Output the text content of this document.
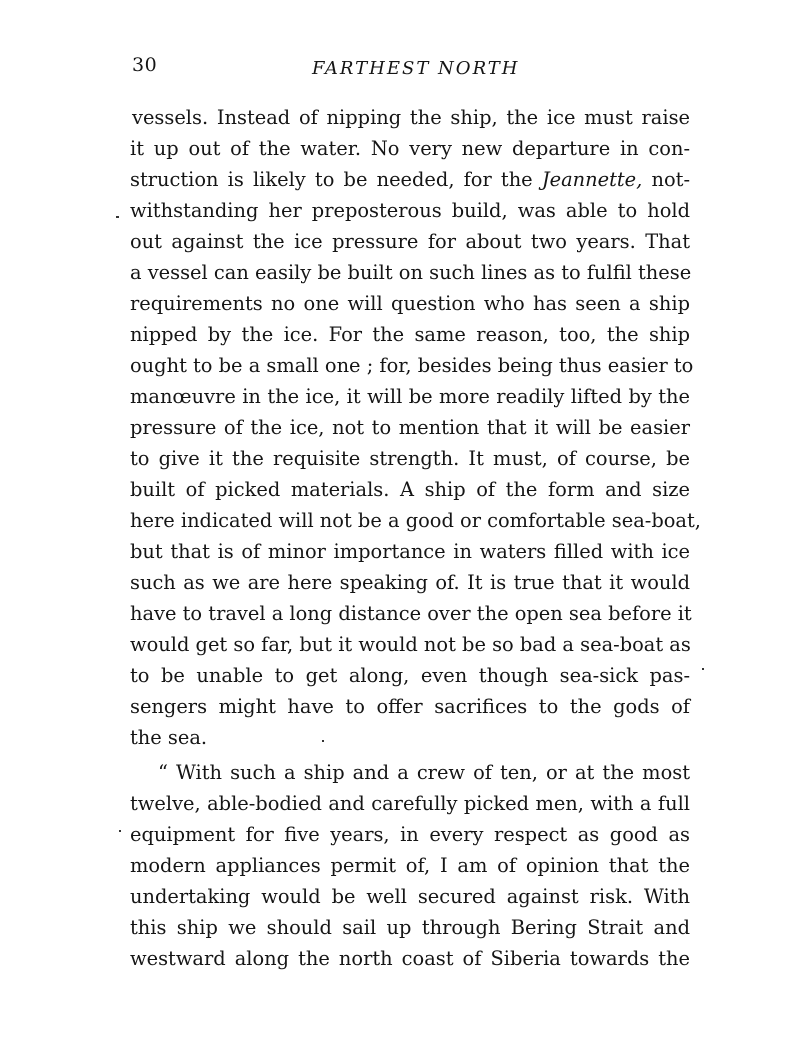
30	FARTHEST NORTH
vessels. Instead of nipping the ship, the ice must raise
it up out of the water. No very new departure in con-
struction is likely to be needed, for the Jeannette, not-
withstanding her preposterous build, was able to hold
out against the ice pressure for about two years. That
a vessel can easily be built on such lines as to fulfil these
requirements no one will question who has seen a ship
nipped by the ice. For the same reason, too, the ship
ought to be a small one ; for, besides being thus easier to
manœuvre in the ice, it will be more readily lifted by the
pressure of the ice, not to mention that it will be easier
to give it the requisite strength. It must, of course, be
built of picked materials. A ship of the form and size
here indicated will not be a good or comfortable sea-boat,
but that is of minor importance in waters filled with ice
such as we are here speaking of. It is true that it would
have to travel a long distance over the open sea before it
would get so far, but it would not be so bad a sea-boat as
to be unable to get along, even though sea-sick pas-
sengers might have to offer sacrifices to the gods of
the sea.
“ With such a ship and a crew of ten, or at the most
twelve, able-bodied and carefully picked men, with a full
equipment for five years, in every respect as good as
modern appliances permit of, I am of opinion that the
undertaking would be well secured against risk. With
this ship we should sail up through Bering Strait and
westward along the north coast of Siberia towards the
